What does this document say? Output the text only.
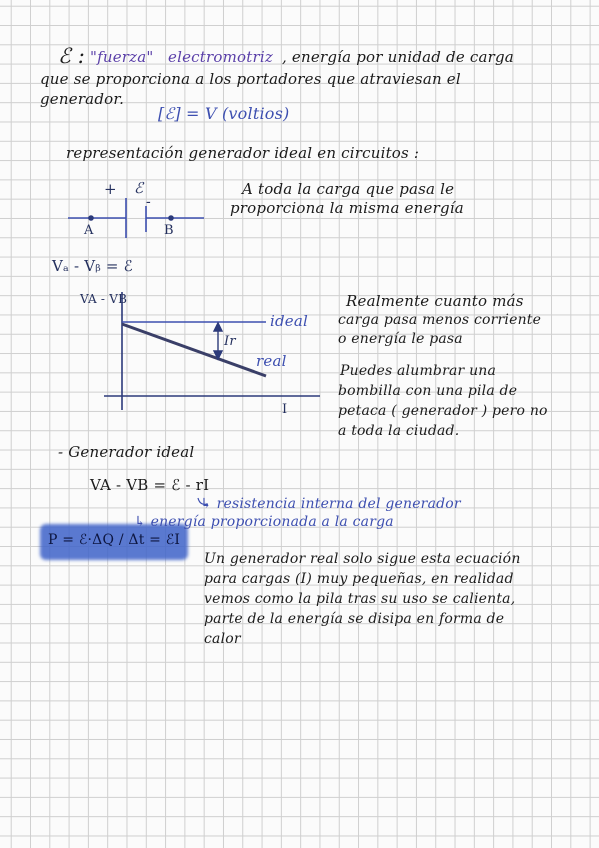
ℰ : "fuerza" electromotriz , energía por unidad de carga
que se proporciona a los portadores que atraviesan el
generador.
[ℰ] = V (voltios)
representación generador ideal en circuitos :
+ ℰ
-
A	B
A toda la carga que pasa le
proporciona la misma energía
Vₐ - Vᵦ = ℰ
VA - VB
I
ideal
real
Ir
Realmente cuanto más
carga pasa menos corriente
o energía le pasa
Puedes alumbrar una
bombilla con una pila de
petaca ( generador ) pero no
a toda la ciudad.
- Generador ideal
VA - VB = ℰ - rI
↳ resistencia interna del generador
P = ℰ·ΔQ / Δt = ℰI
↳ energía proporcionada a la carga
Un generador real solo sigue esta ecuación
para cargas (I) muy pequeñas, en realidad
vemos como la pila tras su uso se calienta,
parte de la energía se disipa en forma de
calor
